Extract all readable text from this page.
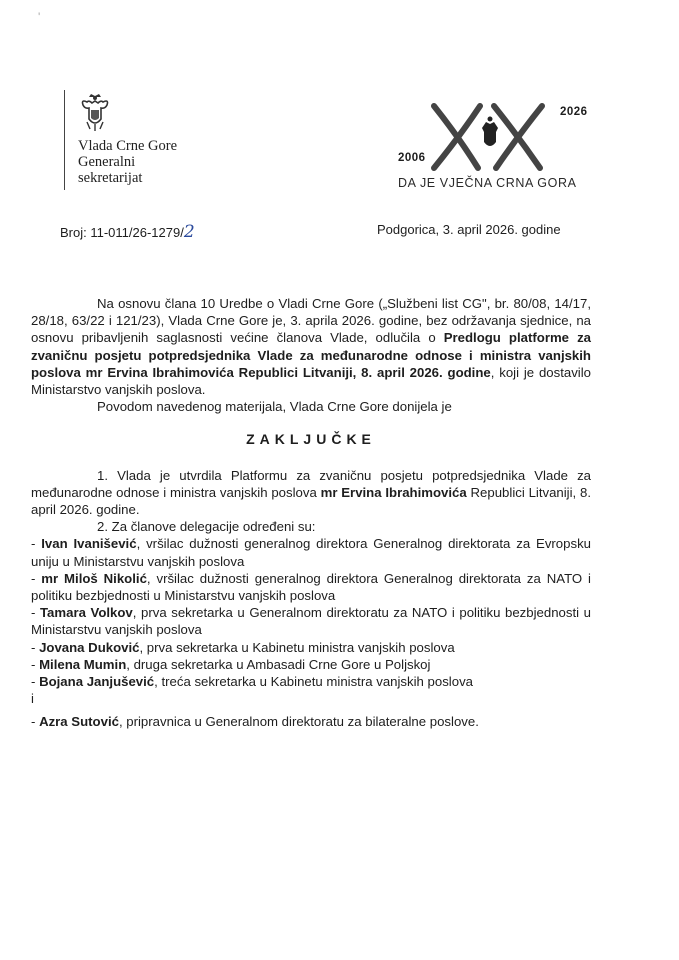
'
Vlada Crne Gore
Generalni
sekretarijat
2006
2026
DA JE VJEČNA CRNA GORA
Broj: 11-011/26-1279/2	Podgorica, 3. april 2026. godine

Na osnovu člana 10 Uredbe o Vladi Crne Gore („Službeni list CG", br. 80/08, 14/17, 28/18, 63/22 i 121/23), Vlada Crne Gore je, 3. aprila 2026. godine, bez održavanja sjednice, na osnovu pribavljenih saglasnosti većine članova Vlade, odlučila o Predlogu platforme za zvaničnu posjetu potpredsjednika Vlade za međunarodne odnose i ministra vanjskih poslova mr Ervina Ibrahimovića Republici Litvaniji, 8. april 2026. godine, koji je dostavilo Ministarstvo vanjskih poslova.

Povodom navedenog materijala, Vlada Crne Gore donijela je

ZAKLJUČKE

1. Vlada je utvrdila Platformu za zvaničnu posjetu potpredsjednika Vlade za međunarodne odnose i ministra vanjskih poslova mr Ervina Ibrahimovića Republici Litvaniji, 8. april 2026. godine.

2. Za članove delegacije određeni su:

- Ivan Ivanišević, vršilac dužnosti generalnog direktora Generalnog direktorata za Evropsku uniju u Ministarstvu vanjskih poslova

- mr Miloš Nikolić, vršilac dužnosti generalnog direktora Generalnog direktorata za NATO i politiku bezbjednosti u Ministarstvu vanjskih poslova

- Tamara Volkov, prva sekretarka u Generalnom direktoratu za NATO i politiku bezbjednosti u Ministarstvu vanjskih poslova

- Jovana Duković, prva sekretarka u Kabinetu ministra vanjskih poslova

- Milena Mumin, druga sekretarka u Ambasadi Crne Gore u Poljskoj

- Bojana Janjušević, treća sekretarka u Kabinetu ministra vanjskih poslova

i

- Azra Sutović, pripravnica u Generalnom direktoratu za bilateralne poslove.
